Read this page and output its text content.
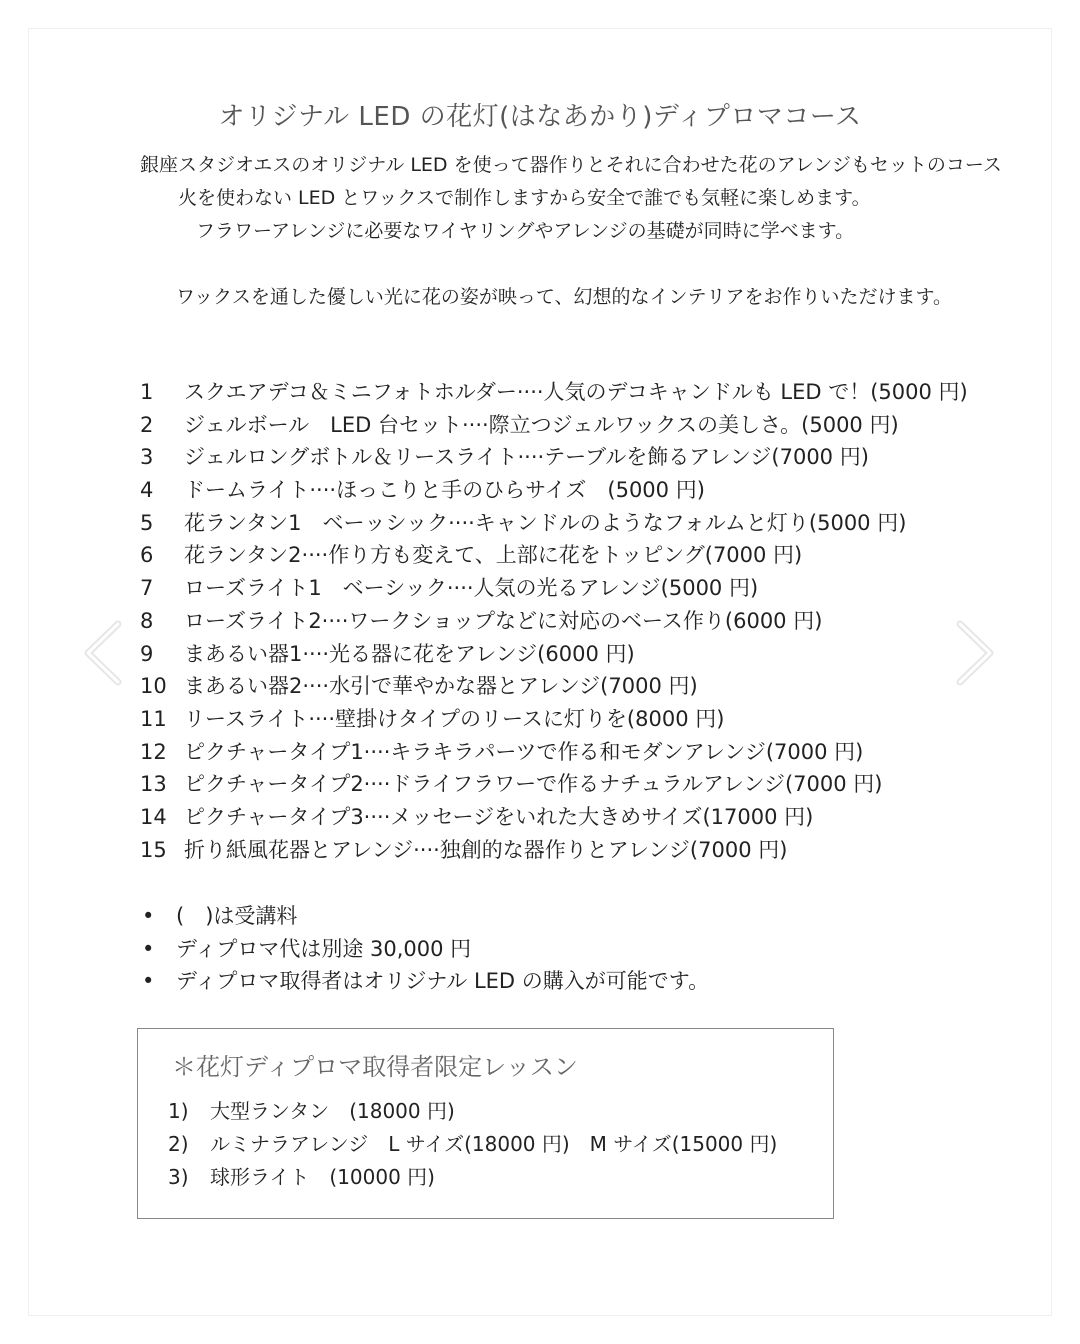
オリジナル LED の花灯(はなあかり)ディプロマコース
銀座スタジオエスのオリジナル LED を使って器作りとそれに合わせた花のアレンジもセットのコース
火を使わない LED とワックスで制作しますから安全で誰でも気軽に楽しめます。
フラワーアレンジに必要なワイヤリングやアレンジの基礎が同時に学べます。
ワックスを通した優しい光に花の姿が映って、幻想的なインテリアをお作りいただけます。
1	スクエアデコ＆ミニフォトホルダー····人気のデコキャンドルも LED で！(5000 円)
2	ジェルボール　LED 台セット····際立つジェルワックスの美しさ。(5000 円)
3	ジェルロングボトル＆リースライト····テーブルを飾るアレンジ(7000 円)
4	ドームライト····ほっこりと手のひらサイズ　(5000 円)
5	花ランタン1　ベーッシック····キャンドルのようなフォルムと灯り(5000 円)
6	花ランタン2····作り方も変えて、上部に花をトッピング(7000 円)
7	ローズライト1　ベーシック····人気の光るアレンジ(5000 円)
8	ローズライト2····ワークショップなどに対応のベース作り(6000 円)
9	まあるい器1····光る器に花をアレンジ(6000 円)
10 まあるい器2····水引で華やかな器とアレンジ(7000 円)
11 リースライト····壁掛けタイプのリースに灯りを(8000 円)
12 ピクチャータイプ1····キラキラパーツで作る和モダンアレンジ(7000 円)
13 ピクチャータイプ2····ドライフラワーで作るナチュラルアレンジ(7000 円)
14 ピクチャータイプ3····メッセージをいれた大きめサイズ(17000 円)
15 折り紙風花器とアレンジ····独創的な器作りとアレンジ(7000 円)
•	(　)は受講料
•	ディプロマ代は別途 30,000 円
•	ディプロマ取得者はオリジナル LED の購入が可能です。
＊花灯ディプロマ取得者限定レッスン
1)	大型ランタン　(18000 円)
2)	ルミナラアレンジ　L サイズ(18000 円)　M サイズ(15000 円)
3)	球形ライト　(10000 円)
